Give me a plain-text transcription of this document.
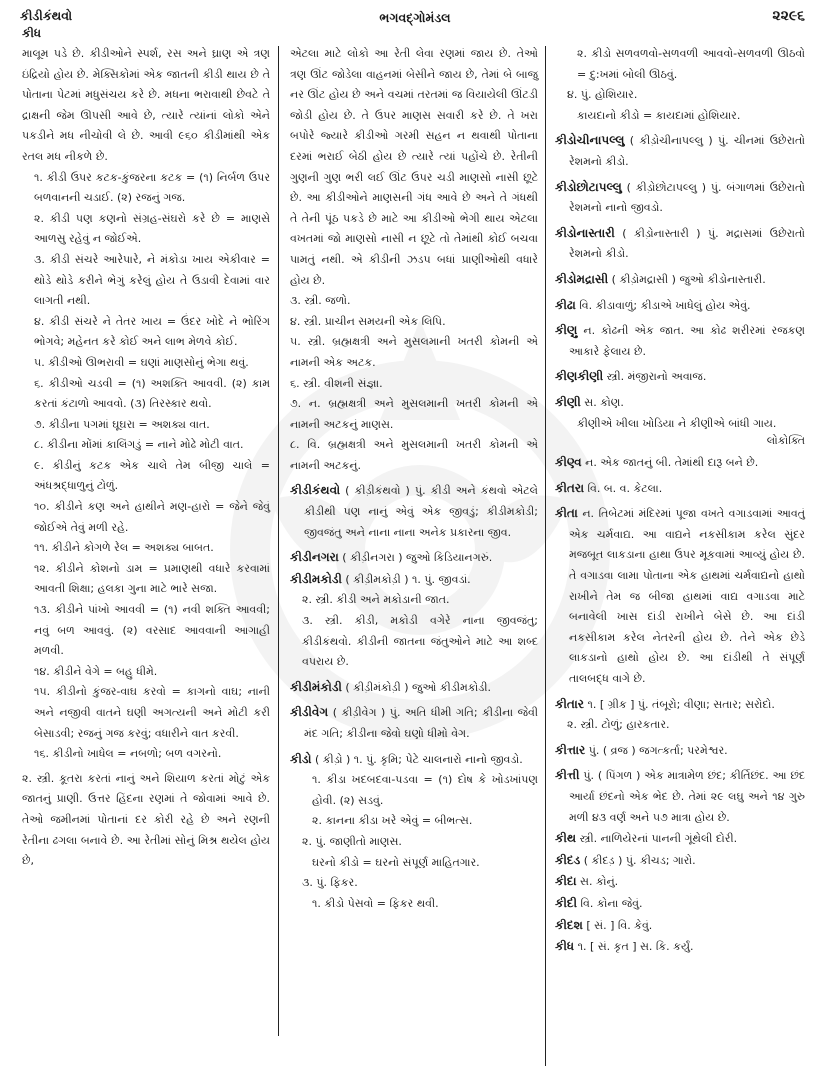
કીડીકંથવો
કીધ
ભગવદ્ગોમંડલ	૨૨૯૬

માલૂમ પડે છે. કીડીઓને સ્પર્શ, રસ અને ઘ્રાણ એ ત્રણ ઇંદ્રિયો હોય છે. મેક્સિકોમાં એક જાતની કીડી થાય છે તે પોતાના પેટમાં મધુસંચય કરે છે. મધના ભરાવાથી છેવટે તે દ્રાક્ષની જેમ ઊપસી આવે છે, ત્યારે ત્યાંનાં લોકો એને પકડીને મધ નીચોવી લે છે. આવી ૯૬૦ કીડીમાંથી એક રતલ મધ નીકળે છે.

૧. કીડી ઉપર કટક-કુંજરના કટક = (૧) નિર્બળ ઉપર બળવાનની ચડાઈ. (૨) રજનું ગજ.

૨. કીડી પણ કણનો સંગ્રહ-સંઘરો કરે છે = માણસે આળસુ રહેવું ન જોઈએ.

૩. કીડી સંચરે આરેપારે, ને મંકોડા ખાય એકીવાર = થોડે થોડે કરીને ભેગું કરેલું હોય તે ઉડાવી દેવામાં વાર લાગતી નથી.

૪. કીડી સંચરે ને તેતર ખાય = ઉંદર ખોદે ને ભોરિંગ ભોગવે; મહેનત કરે કોઈ અને લાભ મેળવે કોઈ.

૫. કીડીઓ ઊભરાવી = ઘણાં માણસોનું ભેગા થવું.

૬. કીડીઓ ચડવી = (૧) અશક્તિ આવવી. (૨) કામ કરતાં કંટાળો આવવો. (૩) તિરસ્કાર થવો.

૭. કીડીના પગમાં ઘૂઘરા = અશક્ય વાત.

૮. કીડીના મોંમાં કાલિંગડું = નાને મોઢે મોટી વાત.

૯. કીડીનું કટક એક ચાલે તેમ બીજી ચાલે = અંધશ્રદ્ધાળુનું ટોળું.

૧૦. કીડીને કણ અને હાથીને મણ-હારો = જેને જેવું જોઈએ તેવું મળી રહે.

૧૧. કીડીને કોગળે રેલ = અશક્ય બાબત.

૧૨. કીડીને કોશનો ડામ = પ્રમાણથી વધારે કરવામાં આવતી શિક્ષા; હલકા ગુના માટે ભારે સજા.

૧૩. કીડીને પાંખો આવવી = (૧) નવી શક્તિ આવવી; નવું બળ આવવું. (૨) વરસાદ આવવાની આગાહી મળવી.

૧૪. કીડીને વેગે = બહુ ધીમે.

૧૫. કીડીનો કુંજર-વાઘ કરવો = કાગનો વાઘ; નાની અને નજીવી વાતને ઘણી અગત્યની અને મોટી કરી બેસાડવી; રજનું ગજ કરવું; વધારીને વાત કરવી.

૧૬. કીડીનો ખાધેલ = નબળો; બળ વગરનો.

૨. સ્ત્રી. કૂતરા કરતાં નાનું અને શિયાળ કરતાં મોટું એક જાતનું પ્રાણી. ઉત્તર હિંદના રણમાં તે જોવામાં આવે છે. તેઓ જમીનમાં પોતાનાં દર કોરી રહે છે અને રણની રેતીના ઢગલા બનાવે છે. આ રેતીમાં સોનું મિશ્ર થયેલ હોય છે,

એટલા માટે લોકો આ રેતી લેવા રણમાં જાય છે. તેઓ ત્રણ ઊંટ જોડેલા વાહનમાં બેસીને જાય છે, તેમાં બે બાજુ નર ઊંટ હોય છે અને વચમાં તરતમાં જ વિયાયેલી ઊંટડી જોડી હોય છે. તે ઉપર માણસ સવારી કરે છે. તે ખરા બપોરે જ્યારે કીડીઓ ગરમી સહન ન થવાથી પોતાના દરમાં ભરાઈ બેઠી હોય છે ત્યારે ત્યાં પહોંચે છે. રેતીની ગુણની ગુણ ભરી લઈ ઊંટ ઉપર ચડી માણસો નાસી છૂટે છે. આ કીડીઓને માણસની ગંધ આવે છે અને તે ગંધથી તે તેની પૂંઠ પકડે છે માટે આ કીડીઓ ભેગી થાય એટલા વખતમાં જો માણસો નાસી ન છૂટે તો તેમાંથી કોઈ બચવા પામતું નથી. એ કીડીની ઝડપ બધાં પ્રાણીઓથી વધારે હોય છે.

૩. સ્ત્રી. જળો.

૪. સ્ત્રી. પ્રાચીન સમયની એક લિપિ.

૫. સ્ત્રી. બ્રહ્મક્ષત્રી અને મુસલમાની ખતરી કોમની એ નામની એક અટક.

૬. સ્ત્રી. વીશની સંજ્ઞા.

૭. ન. બ્રહ્મક્ષત્રી અને મુસલમાની ખતરી કોમની એ નામની અટકનું માણસ.

૮. વિ. બ્રહ્મક્ષત્રી અને મુસલમાની ખતરી કોમની એ નામની અટકનું.

કીડીકંથવો ( કીડ઼ીકંથવો ) પું. કીડી અને કંથવો એટલે કીડીથી પણ નાનું એવું એક જીવડું; કીડીમકોડી; જીવજંતુ અને નાના નાના અનેક પ્રકારના જીવ.

કીડીનગરા ( કીડ઼ીનગરા ) જુઓ કિડિયાનગરું.

કીડીમકોડી ( કીડ઼ીમકોડ઼ી ) ૧. પું. જીવડાં.

૨. સ્ત્રી. કીડી અને મકોડાની જાત.

૩. સ્ત્રી. કીડી, મકોડી વગેરે નાના જીવજંતુ; કીડીકંથવો. કીડીની જાતના જંતુઓને માટે આ શબ્દ વપરાય છે.

કીડીમંકોડી ( કીડ઼ીમંકોડ઼ી ) જુઓ કીડીમકોડી.

કીડીવેગ ( કીડ઼ીવેગ ) પું. અતિ ધીમી ગતિ; કીડીના જેવી મંદ ગતિ; કીડીના જેવો ઘણો ધીમો વેગ.

કીડો ( કીડ઼ો ) ૧. પું. કૃમિ; પેટે ચાલનારો નાનો જીવડો.

૧. કીડા ખદબદવા-પડવા = (૧) દોષ કે ખોડખાંપણ હોવી. (૨) સડવું.

૨. કાનના કીડા ખરે એવું = બીભત્સ.

૨. પું. જાણીતો માણસ.

ઘરનો કીડો = ઘરનો સંપૂર્ણ માહિતગાર.

૩. પું. ફિકર.

૧. કીડો પેસવો = ફિકર થવી.

૨. કીડો સળવળવો-સળવળી આવવો-સળવળી ઊઠવો = દુ:ખમાં બોલી ઊઠવું.

૪. પું. હોશિયાર.

કાયદાનો કીડો = કાયદામાં હોશિયાર.

કીડોચીનાપલ્લુ ( કીડ઼ોચીનાપલ્લુ ) પું. ચીનમાં ઉછેરાતો રેશમનો કીડો.

કીડોછોટાપલ્લુ ( કીડ઼ોછોટાપલ્લુ ) પું. બંગાળમાં ઉછેરાતો રેશમનો નાનો જીવડો.

કીડોનાસ્તારી ( કીડ઼ોનાસ્તારી ) પું. મદ્રાસમાં ઉછેરાતો રેશમનો કીડો.

કીડોમદ્રાસી ( કીડ઼ોમદ્રાસી ) જુઓ કીડોનાસ્તારી.

કીઢા વિ. કીડાવાળું; કીડાએ ખાધેલું હોય એવું.

કીણુ ન. કોઢની એક જાત. આ કોઢ શરીરમાં રજકણ આકારે ફેલાય છે.

કીણકીણી સ્ત્રી. મંજીરાનો અવાજ.

કીણી સ. કોણ.

કીણીએ ખીલા ખોડિયા ને કીણીએ બાંધી ગાય.

લોકોક્તિ

કીણ્વ ન. એક જાતનું બી. તેમાંથી દારૂ બને છે.

કીતરા વિ. બ. વ. કેટલા.

કીતા ન. તિબેટમાં મંદિરમાં પૂજા વખતે વગાડવામાં આવતું એક ચર્મવાદ્ય. આ વાદ્યને નકસીકામ કરેલ સુંદર મજબૂત લાકડાના હાથા ઉપર મૂકવામાં આવ્યું હોય છે. તે વગાડવા લામા પોતાના એક હાથમાં ચર્મવાદ્યનો હાથો રાખીને તેમ જ બીજા હાથમાં વાદ્ય વગાડવા માટે બનાવેલી ખાસ દાંડી રાખીને બેસે છે. આ દાંડી નકસીકામ કરેલ નેતરની હોય છે. તેને એક છેડે લાકડાનો હાથો હોય છે. આ દાંડીથી તે સંપૂર્ણ તાલબદ્ધ વાગે છે.

કીતાર ૧. [ ગ્રીક ] પું. તંબૂરો; વીણા; સતાર; સરોદો.

૨. સ્ત્રી. ટોળું; હારકતાર.

કીત્તાર પું. ( વ્રજ ) જગત્કર્તા; પરમેશ્વર.

કીત્તી પું. ( પિંગળ ) એક માત્રામેળ છંદ; કીર્તિછંદ. આ છંદ આર્યા છંદનો એક ભેદ છે. તેમાં ૨૯ લઘુ અને ૧૪ ગુરુ મળી ૪૩ વર્ણ અને ૫૭ માત્રા હોય છે.

કીથ સ્ત્રી. નાળિયેરનાં પાનની ગૂંથેલી દોરી.

કીદડ ( કીદડ઼ ) પું. કીચડ; ગારો.

કીદા સ. કોનું.

કીદી વિ. કોના જેવું.

કીદશ [ સં. ] વિ. કેવું.

કીધ ૧. [ સં. કૃત ] સ. કિ. કર્યું.
